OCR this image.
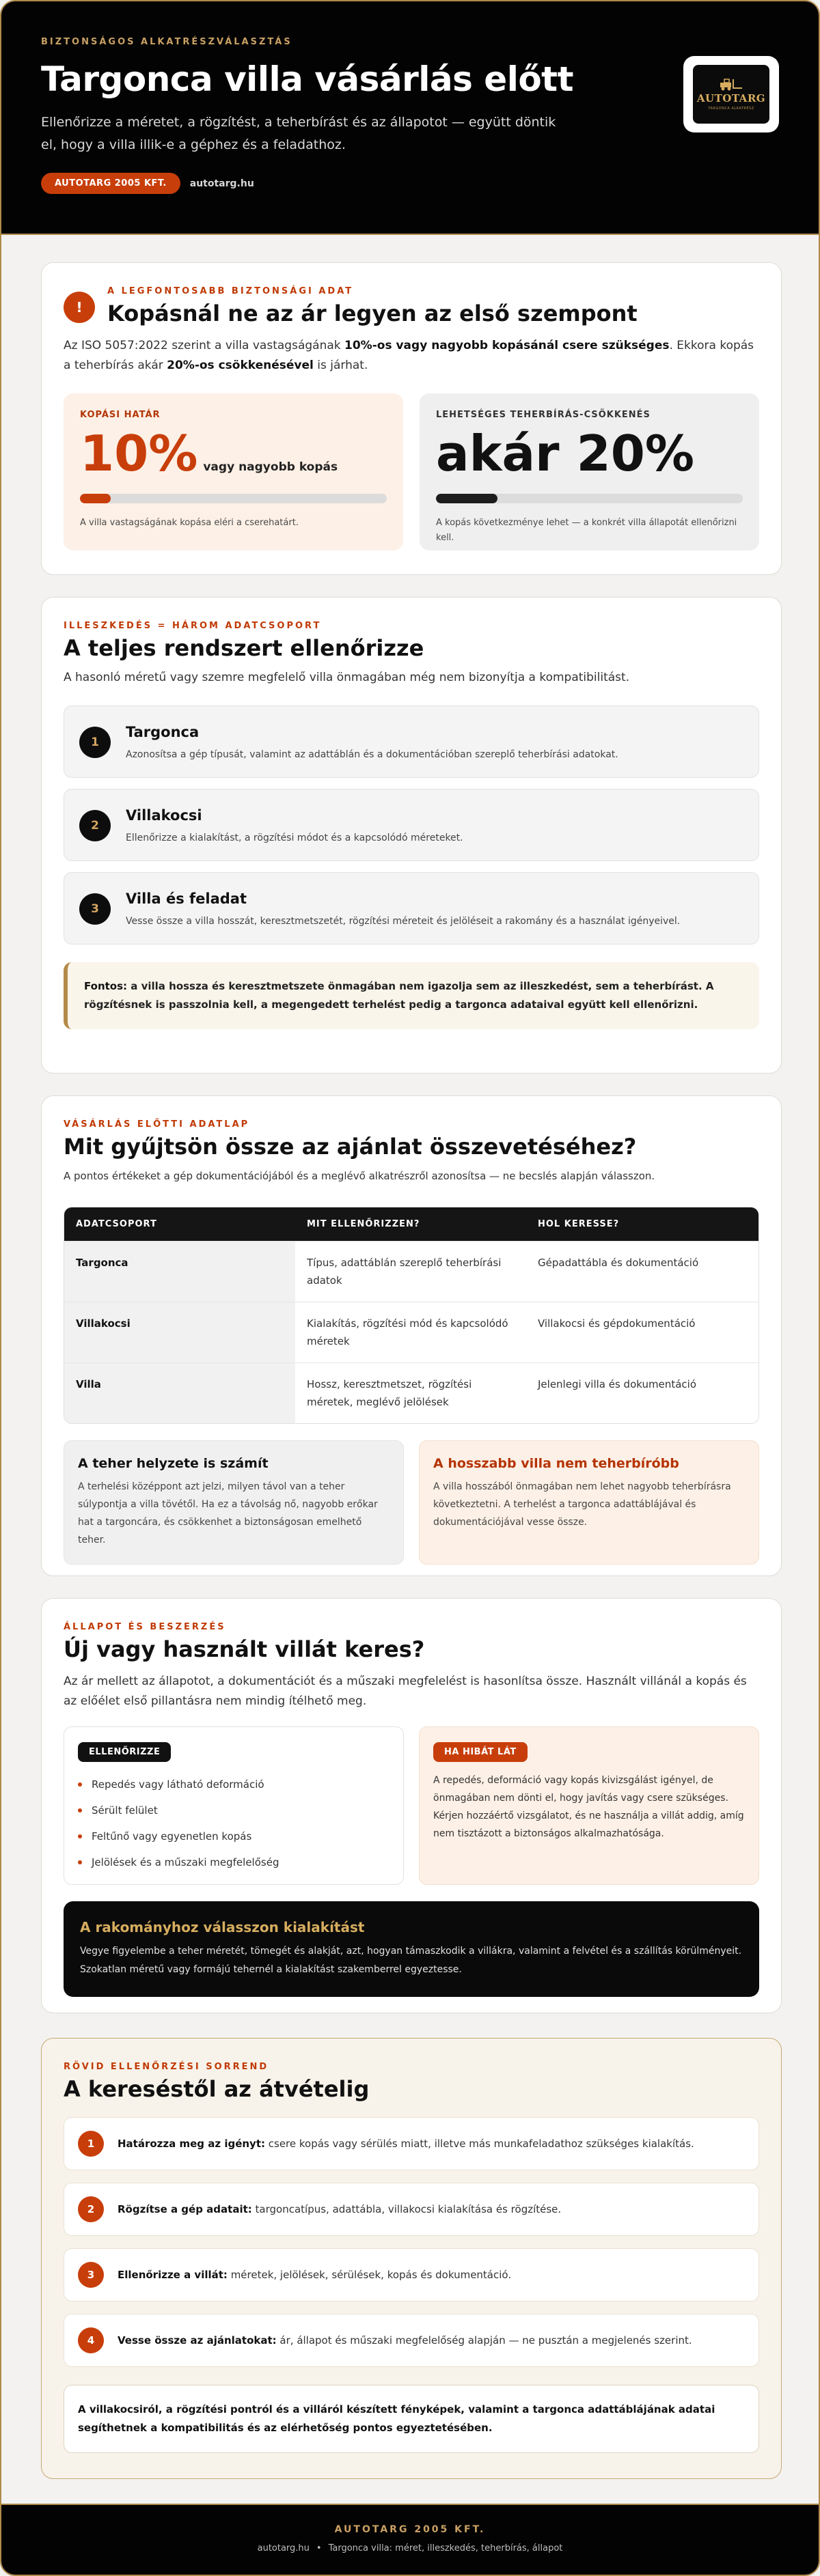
BIZTONSÁGOS ALKATRÉSZVÁLASZTÁS
Targonca villa vásárlás előtt

Ellenőrizze a méretet, a rögzítést, a teherbírást és az állapotot — együtt döntik el, hogy a villa illik-e a géphez és a feladathoz.

AUTOTARG 2005 KFT.	autotarg.hu
AUTOTARG
TARGONCA ALKATRÉSZ
!
A LEGFONTOSABB BIZTONSÁGI ADAT
Kopásnál ne az ár legyen az első szempont

Az ISO 5057:2022 szerint a villa vastagságának 10%-os vagy nagyobb kopásánál csere szükséges. Ekkora kopás a teherbírás akár 20%-os csökkenésével is járhat.

KOPÁSI HATÁR
10% vagy nagyobb kopás
A villa vastagságának kopása eléri a cserehatárt.
LEHETSÉGES TEHERBÍRÁS-CSÖKKENÉS
akár 20%
A kopás következménye lehet — a konkrét villa állapotát ellenőrizni kell.
ILLESZKEDÉS = HÁROM ADATCSOPORT
A teljes rendszert ellenőrizze

A hasonló méretű vagy szemre megfelelő villa önmagában még nem bizonyítja a kompatibilitást.

1
Targonca
Azonosítsa a gép típusát, valamint az adattáblán és a dokumentációban szereplő teherbírási adatokat.
2
Villakocsi
Ellenőrizze a kialakítást, a rögzítési módot és a kapcsolódó méreteket.
3
Villa és feladat
Vesse össze a villa hosszát, keresztmetszetét, rögzítési méreteit és jelöléseit a rakomány és a használat igényeivel.
Fontos: a villa hossza és keresztmetszete önmagában nem igazolja sem az illeszkedést, sem a teherbírást. A rögzítésnek is passzolnia kell, a megengedett terhelést pedig a targonca adataival együtt kell ellenőrizni.
VÁSÁRLÁS ELŐTTI ADATLAP
Mit gyűjtsön össze az ajánlat összevetéséhez?

A pontos értékeket a gép dokumentációjából és a meglévő alkatrészről azonosítsa — ne becslés alapján válasszon.

ADATCSOPORT	MIT ELLENŐRIZZEN?	HOL KERESSE?
Targonca	Típus, adattáblán szereplő teherbírási adatok	Gépadattábla és dokumentáció
Villakocsi	Kialakítás, rögzítési mód és kapcsolódó méretek	Villakocsi és gépdokumentáció
Villa	Hossz, keresztmetszet, rögzítési méretek, meglévő jelölések	Jelenlegi villa és dokumentáció
A teher helyzete is számít
A terhelési középpont azt jelzi, milyen távol van a teher súlypontja a villa tövétől. Ha ez a távolság nő, nagyobb erőkar hat a targoncára, és csökkenhet a biztonságosan emelhető teher.
A hosszabb villa nem teherbíróbb
A villa hosszából önmagában nem lehet nagyobb teherbírásra következtetni. A terhelést a targonca adattáblájával és dokumentációjával vesse össze.
ÁLLAPOT ÉS BESZERZÉS
Új vagy használt villát keres?

Az ár mellett az állapotot, a dokumentációt és a műszaki megfelelést is hasonlítsa össze. Használt villánál a kopás és az előélet első pillantásra nem mindig ítélhető meg.

ELLENŐRIZZE
Repedés vagy látható deformáció
Sérült felület
Feltűnő vagy egyenetlen kopás
Jelölések és a műszaki megfelelőség
HA HIBÁT LÁT
A repedés, deformáció vagy kopás kivizsgálást igényel, de önmagában nem dönti el, hogy javítás vagy csere szükséges. Kérjen hozzáértő vizsgálatot, és ne használja a villát addig, amíg nem tisztázott a biztonságos alkalmazhatósága.
A rakományhoz válasszon kialakítást
Vegye figyelembe a teher méretét, tömegét és alakját, azt, hogyan támaszkodik a villákra, valamint a felvétel és a szállítás körülményeit. Szokatlan méretű vagy formájú tehernél a kialakítást szakemberrel egyeztesse.
RÖVID ELLENŐRZÉSI SORREND
A kereséstől az átvételig
1	Határozza meg az igényt: csere kopás vagy sérülés miatt, illetve más munkafeladathoz szükséges kialakítás.
2	Rögzítse a gép adatait: targoncatípus, adattábla, villakocsi kialakítása és rögzítése.
3	Ellenőrizze a villát: méretek, jelölések, sérülések, kopás és dokumentáció.
4	Vesse össze az ajánlatokat: ár, állapot és műszaki megfelelőség alapján — ne pusztán a megjelenés szerint.
A villakocsiról, a rögzítési pontról és a villáról készített fényképek, valamint a targonca adattáblájának adatai segíthetnek a kompatibilitás és az elérhetőség pontos egyeztetésében.
AUTOTARG 2005 KFT.
autotarg.hu • Targonca villa: méret, illeszkedés, teherbírás, állapot
